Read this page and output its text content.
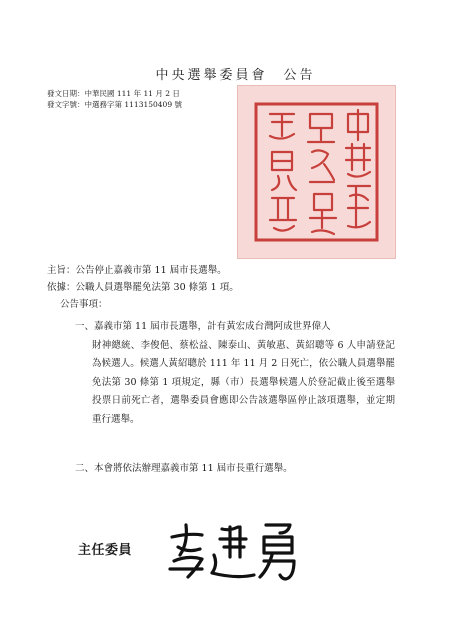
中央選舉委員會　公告
發文日期：中華民國 111 年 11 月 2 日
發文字號：中選務字第 1113150409 號
主旨：公告停止嘉義市第 11 屆市長選舉。
依據：公職人員選舉罷免法第 30 條第 1 項。
公告事項：
一、嘉義市第 11 屆市長選舉，計有黃宏成台灣阿成世界偉人
財神總統、李俊俋、蔡松益、陳泰山、黃敏惠、黃紹聰等 6 人申請登記為候選人。候選人黃紹聰於 111 年 11 月 2 日死亡，依公職人員選舉罷免法第 30 條第 1 項規定，縣（市）長選舉候選人於登記截止後至選舉投票日前死亡者，選舉委員會應即公告該選舉區停止該項選舉，並定期重行選舉。
二、本會將依法辦理嘉義市第 11 屆市長重行選舉。
主任委員
